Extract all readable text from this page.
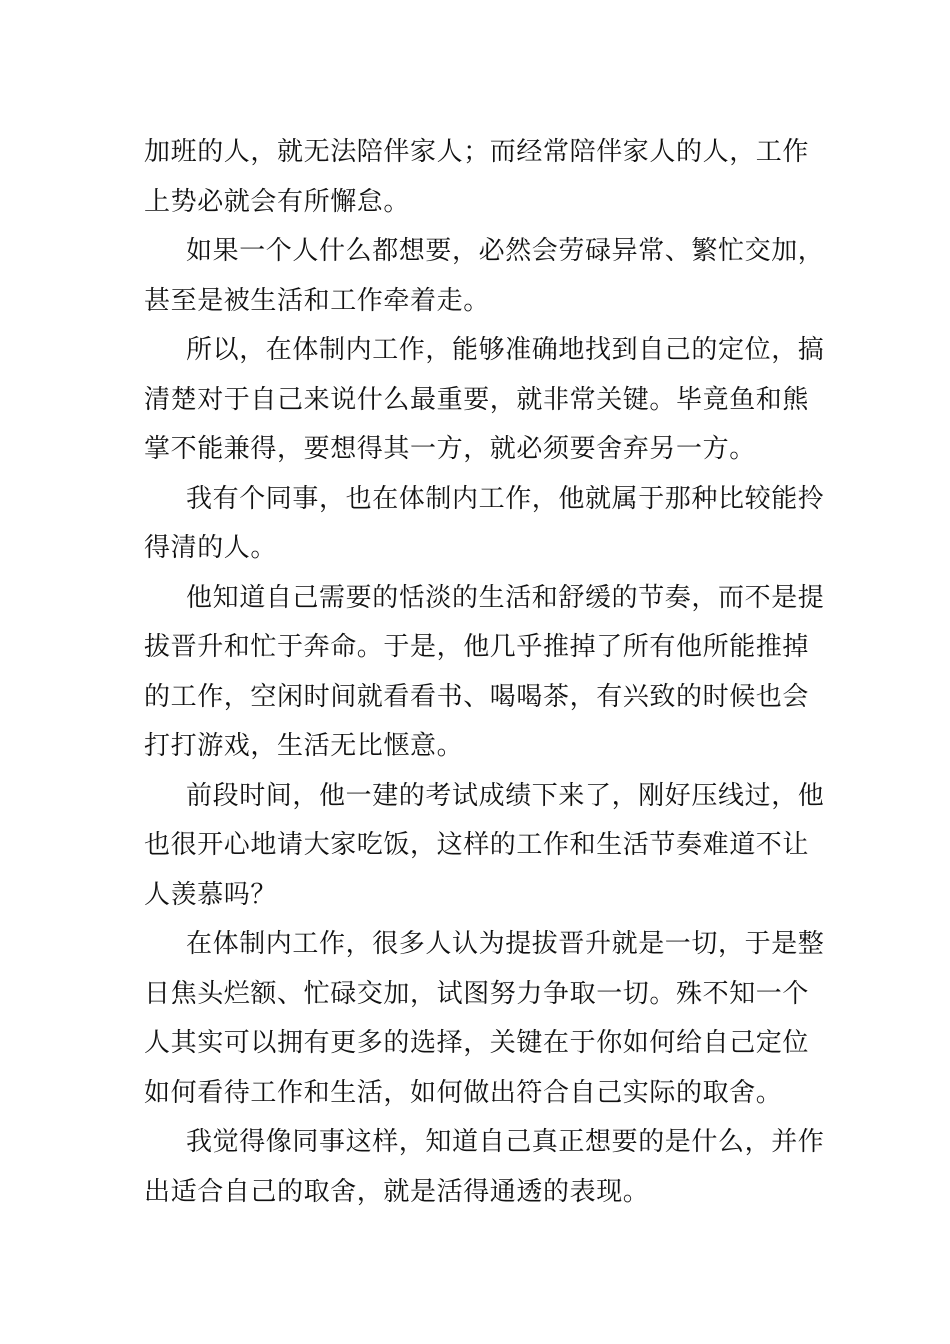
加班的人，就无法陪伴家人；而经常陪伴家人的人，工作
上势必就会有所懈怠。

如果一个人什么都想要，必然会劳碌异常、繁忙交加，
甚至是被生活和工作牵着走。

所以，在体制内工作，能够准确地找到自己的定位，搞
清楚对于自己来说什么最重要，就非常关键。毕竟鱼和熊
掌不能兼得，要想得其一方，就必须要舍弃另一方。

我有个同事，也在体制内工作，他就属于那种比较能拎
得清的人。

他知道自己需要的恬淡的生活和舒缓的节奏，而不是提
拔晋升和忙于奔命。于是，他几乎推掉了所有他所能推掉
的工作，空闲时间就看看书、喝喝茶，有兴致的时候也会
打打游戏，生活无比惬意。

前段时间，他一建的考试成绩下来了，刚好压线过，他
也很开心地请大家吃饭，这样的工作和生活节奏难道不让
人羡慕吗？

在体制内工作，很多人认为提拔晋升就是一切，于是整
日焦头烂额、忙碌交加，试图努力争取一切。殊不知一个
人其实可以拥有更多的选择，关键在于你如何给自己定位
如何看待工作和生活，如何做出符合自己实际的取舍。

我觉得像同事这样，知道自己真正想要的是什么，并作
出适合自己的取舍，就是活得通透的表现。
